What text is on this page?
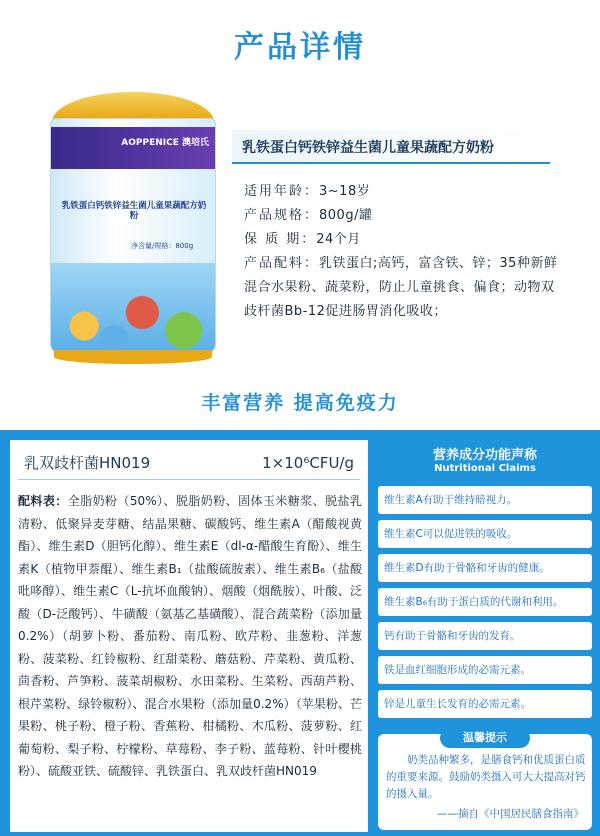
产品详情
AOPPENICE 澳培氏
乳铁蛋白钙铁锌益生菌儿童果蔬配方奶粉
净含量/规格：800g
乳铁蛋白钙铁锌益生菌儿童果蔬配方奶粉
适用年龄： 3~18岁
产品规格： 800g/罐
保 质 期： 24个月
产品配料：乳铁蛋白;高钙，富含铁、锌；35种新鲜混合水果粉、蔬菜粉，防止儿童挑食、偏食；动物双歧杆菌Bb-12促进肠胃消化吸收；
丰富营养 提高免疫力
乳双歧杆菌HN019	1×10⁶CFU/g
配料表：全脂奶粉（50%）、脱脂奶粉、固体玉米糖浆、脱盐乳清粉、低聚异麦芽糖、结晶果糖、碳酸钙、维生素A（醋酸视黄酯）、维生素D（胆钙化醇）、维生素E（dl-α-醋酸生育酚）、维生素K（植物甲萘醌）、维生素B₁（盐酸硫胺素）、维生素B₆（盐酸吡哆醇）、维生素C（L-抗坏血酸钠）、烟酸（烟酰胺）、叶酸、泛酸（D-泛酸钙）、牛磺酸（氨基乙基磺酸）、混合蔬菜粉（添加量0.2%）（胡萝卜粉、番茄粉、南瓜粉、欧芹粉、韭葱粉、洋葱粉、菠菜粉、红铃椒粉、红甜菜粉、蘑菇粉、芹菜粉、黄瓜粉、茴香粉、芦笋粉、菠菜胡椒粉、水田菜粉、生菜粉、西葫芦粉、根芹菜粉、绿铃椒粉）、混合水果粉（添加量0.2%）（苹果粉、芒果粉、桃子粉、橙子粉、香蕉粉、柑橘粉、木瓜粉、菠萝粉、红葡萄粉、梨子粉、柠檬粉、草莓粉、李子粉、蓝莓粉、针叶樱桃粉）、硫酸亚铁、硫酸锌、乳铁蛋白、乳双歧杆菌HN019
营养成分功能声称
Nutritional Claims
维生素A有助于维持暗视力。
维生素C可以促进铁的吸收。
维生素D有助于骨骼和牙齿的健康。
维生素B₆有助于蛋白质的代谢和利用。
钙有助于骨骼和牙齿的发育。
铁是血红细胞形成的必需元素。
锌是儿童生长发育的必需元素。
温馨提示
奶类品种繁多，是膳食钙和优质蛋白质的重要来源。鼓励奶类摄入可大大提高对钙的摄入量。
——摘自《中国居民膳食指南》
